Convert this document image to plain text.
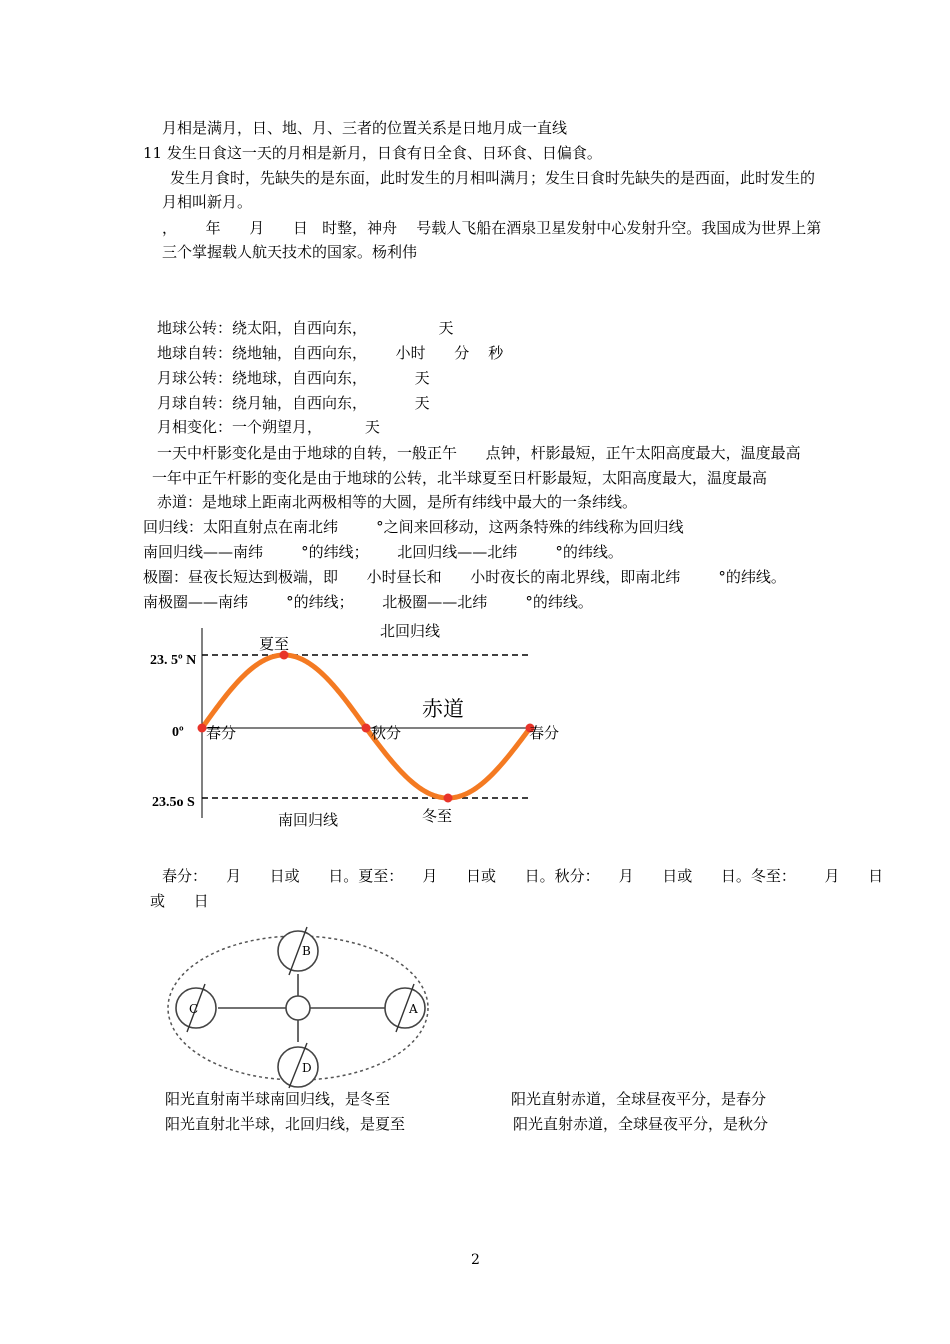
月相是满月，日、地、月、三者的位置关系是日地月成一直线
11 发生日食这一天的月相是新月，日食有日全食、日环食、日偏食。
发生月食时，先缺失的是东面，此时发生的月相叫满月；发生日食时先缺失的是西面，此时发生的
月相叫新月。
，      年      月      日   时整，神舟    号载人飞船在酒泉卫星发射中心发射升空。我国成为世界上第
三个掌握载人航天技术的国家。杨利伟
地球公转：绕太阳，自西向东，               天
地球自转：绕地轴，自西向东，      小时      分    秒
月球公转：绕地球，自西向东，          天
月球自转：绕月轴，自西向东，          天
月相变化：一个朔望月，         天
一天中杆影变化是由于地球的自转，一般正午      点钟，杆影最短，正午太阳高度最大，温度最高
一年中正午杆影的变化是由于地球的公转，北半球夏至日杆影最短，太阳高度最大，温度最高
赤道：是地球上距南北两极相等的大圆，是所有纬线中最大的一条纬线。
回归线：太阳直射点在南北纬        °之间来回移动，这两条特殊的纬线称为回归线
南回归线——南纬        °的纬线；      北回归线——北纬        °的纬线。
极圈：昼夜长短达到极端，即      小时昼长和      小时夜长的南北界线，即南北纬        °的纬线。
南极圈——南纬        °的纬线；      北极圈——北纬        °的纬线。
23. 5º N
0º
23.5o S
北回归线
赤道
南回归线
春分
夏至
秋分
冬至
春分
春分：    月      日或      日。夏至：    月      日或      日。秋分：    月      日或      日。冬至：      月      日
或      日
A
B
C
D
阳光直射南半球南回归线，是冬至	阳光直射赤道，全球昼夜平分，是春分
阳光直射北半球，北回归线，是夏至	阳光直射赤道，全球昼夜平分，是秋分
2
